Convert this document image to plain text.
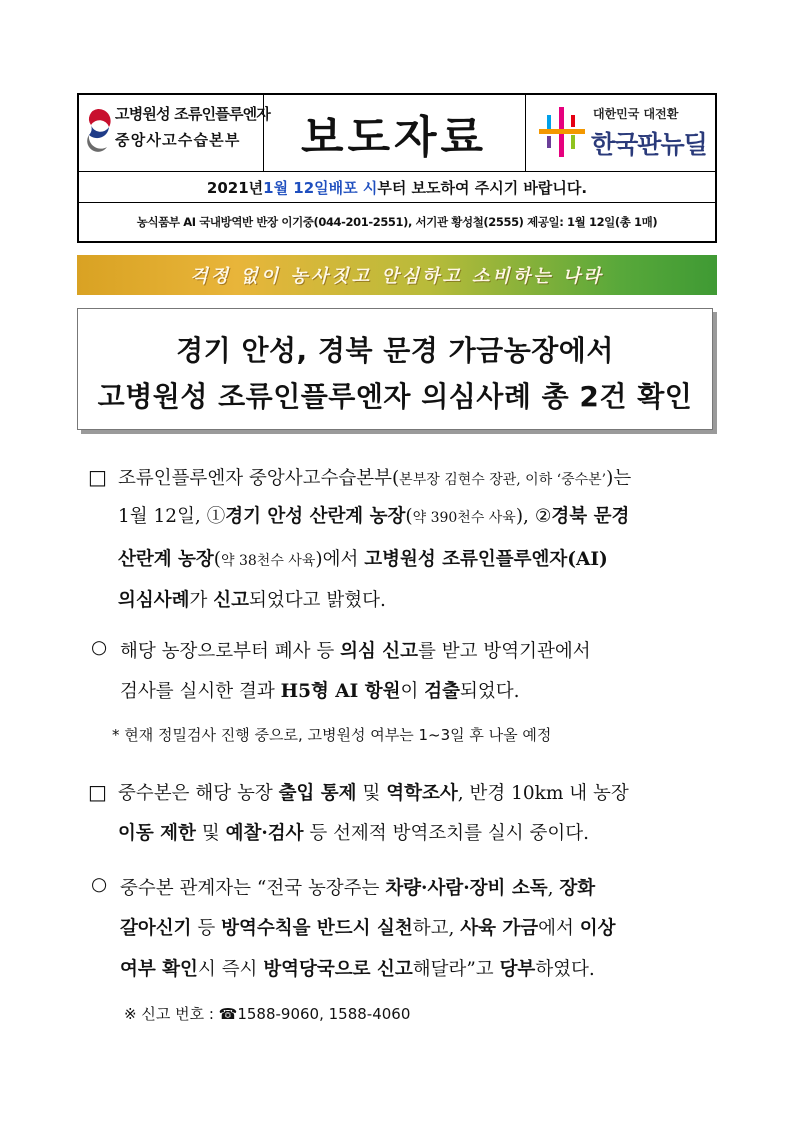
고병원성 조류인플루엔자
중앙사고수습본부 보도자료	대한민국 대전환
한국판뉴딜
2021년 1월 12일 배포 시 부터 보도하여 주시기 바랍니다.
농식품부 AI 국내방역반 반장 이기중(044-201-2551), 서기관 황성철(2555) 제공일: 1월 12일(총 1매)
걱정 없이 농사짓고 안심하고 소비하는 나라
경기 안성, 경북 문경 가금농장에서
고병원성 조류인플루엔자 의심사례 총 2건 확인
□ 조류인플루엔자 중앙사고수습본부(본부장 김현수 장관, 이하 ‘중수본’)는
1월 12일, ①경기 안성 산란계 농장(약 390천수 사육), ②경북 문경
산란계 농장(약 38천수 사육)에서 고병원성 조류인플루엔자(AI)
의심사례가 신고되었다고 밝혔다.
○ 해당 농장으로부터 폐사 등 의심 신고를 받고 방역기관에서
검사를 실시한 결과 H5형 AI 항원이 검출되었다.
* 현재 정밀검사 진행 중으로, 고병원성 여부는 1~3일 후 나올 예정
□ 중수본은 해당 농장 출입 통제 및 역학조사, 반경 10km 내 농장
이동 제한 및 예찰·검사 등 선제적 방역조치를 실시 중이다.
○ 중수본 관계자는 “전국 농장주는 차량·사람·장비 소독, 장화
갈아신기 등 방역수칙을 반드시 실천하고, 사육 가금에서 이상
여부 확인시 즉시 방역당국으로 신고해달라”고 당부하였다.
※ 신고 번호 : ☎1588-9060, 1588-4060
